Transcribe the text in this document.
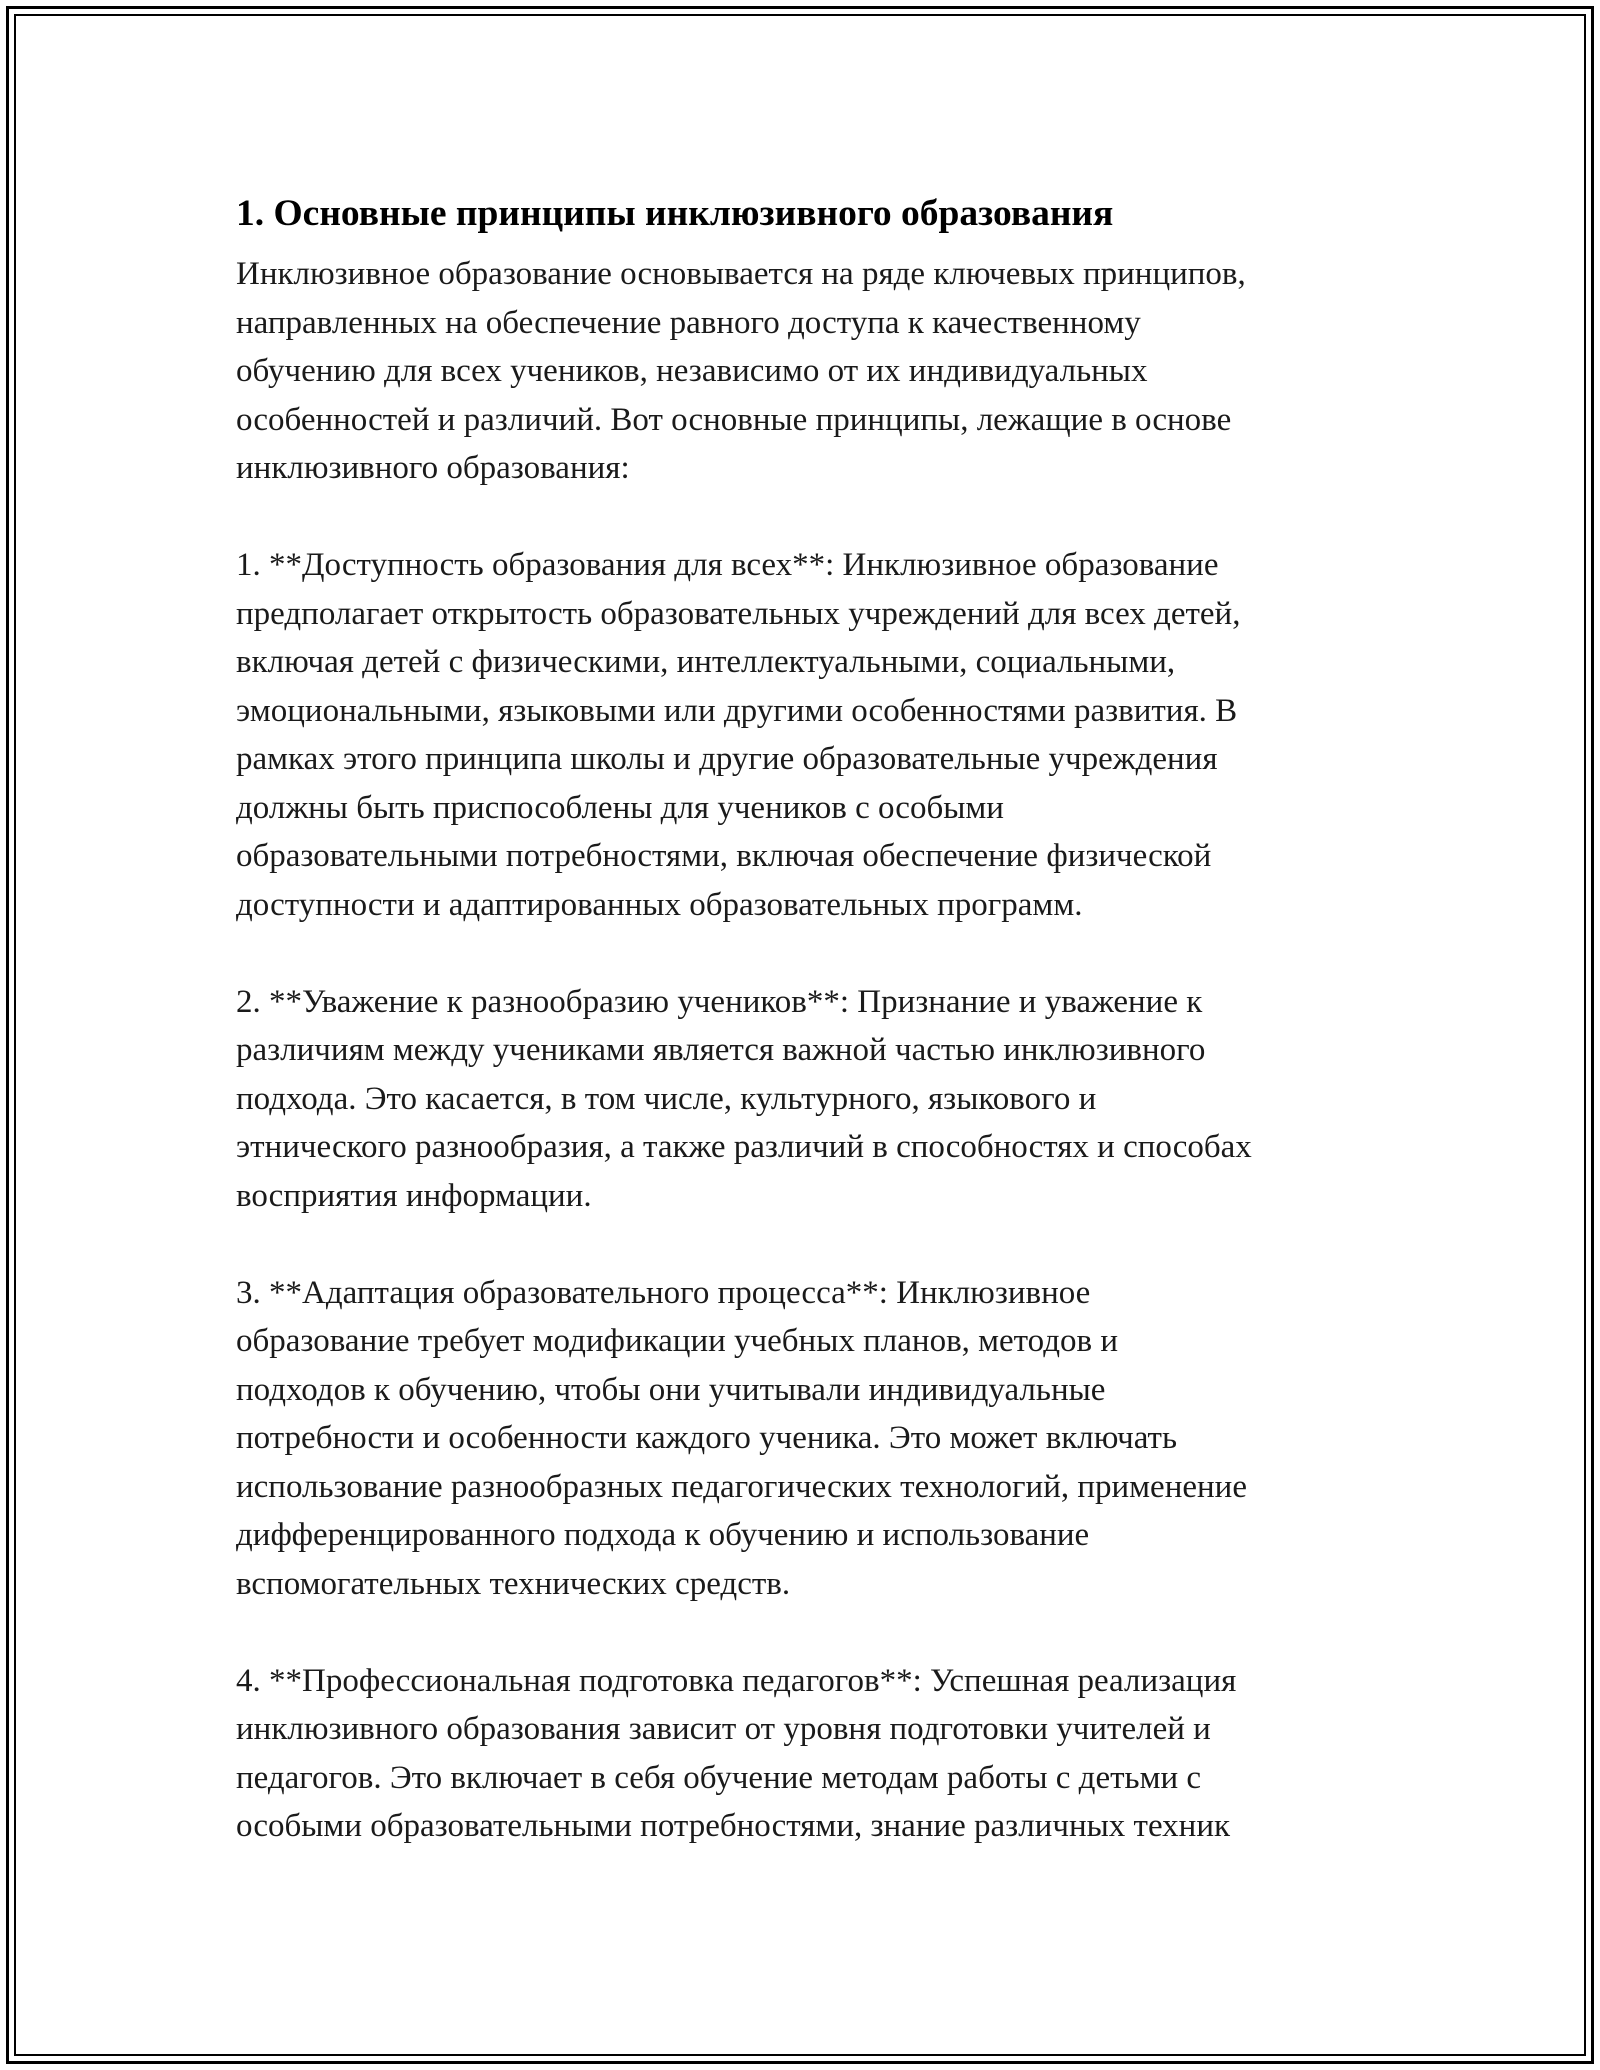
1. Основные принципы инклюзивного образования

Инклюзивное образование основывается на ряде ключевых принципов,
направленных на обеспечение равного доступа к качественному
обучению для всех учеников, независимо от их индивидуальных
особенностей и различий. Вот основные принципы, лежащие в основе
инклюзивного образования:

1. **Доступность образования для всех**: Инклюзивное образование
предполагает открытость образовательных учреждений для всех детей,
включая детей с физическими, интеллектуальными, социальными,
эмоциональными, языковыми или другими особенностями развития. В
рамках этого принципа школы и другие образовательные учреждения
должны быть приспособлены для учеников с особыми
образовательными потребностями, включая обеспечение физической
доступности и адаптированных образовательных программ.

2. **Уважение к разнообразию учеников**: Признание и уважение к
различиям между учениками является важной частью инклюзивного
подхода. Это касается, в том числе, культурного, языкового и
этнического разнообразия, а также различий в способностях и способах
восприятия информации.

3. **Адаптация образовательного процесса**: Инклюзивное
образование требует модификации учебных планов, методов и
подходов к обучению, чтобы они учитывали индивидуальные
потребности и особенности каждого ученика. Это может включать
использование разнообразных педагогических технологий, применение
дифференцированного подхода к обучению и использование
вспомогательных технических средств.

4. **Профессиональная подготовка педагогов**: Успешная реализация
инклюзивного образования зависит от уровня подготовки учителей и
педагогов. Это включает в себя обучение методам работы с детьми с
особыми образовательными потребностями, знание различных техник
